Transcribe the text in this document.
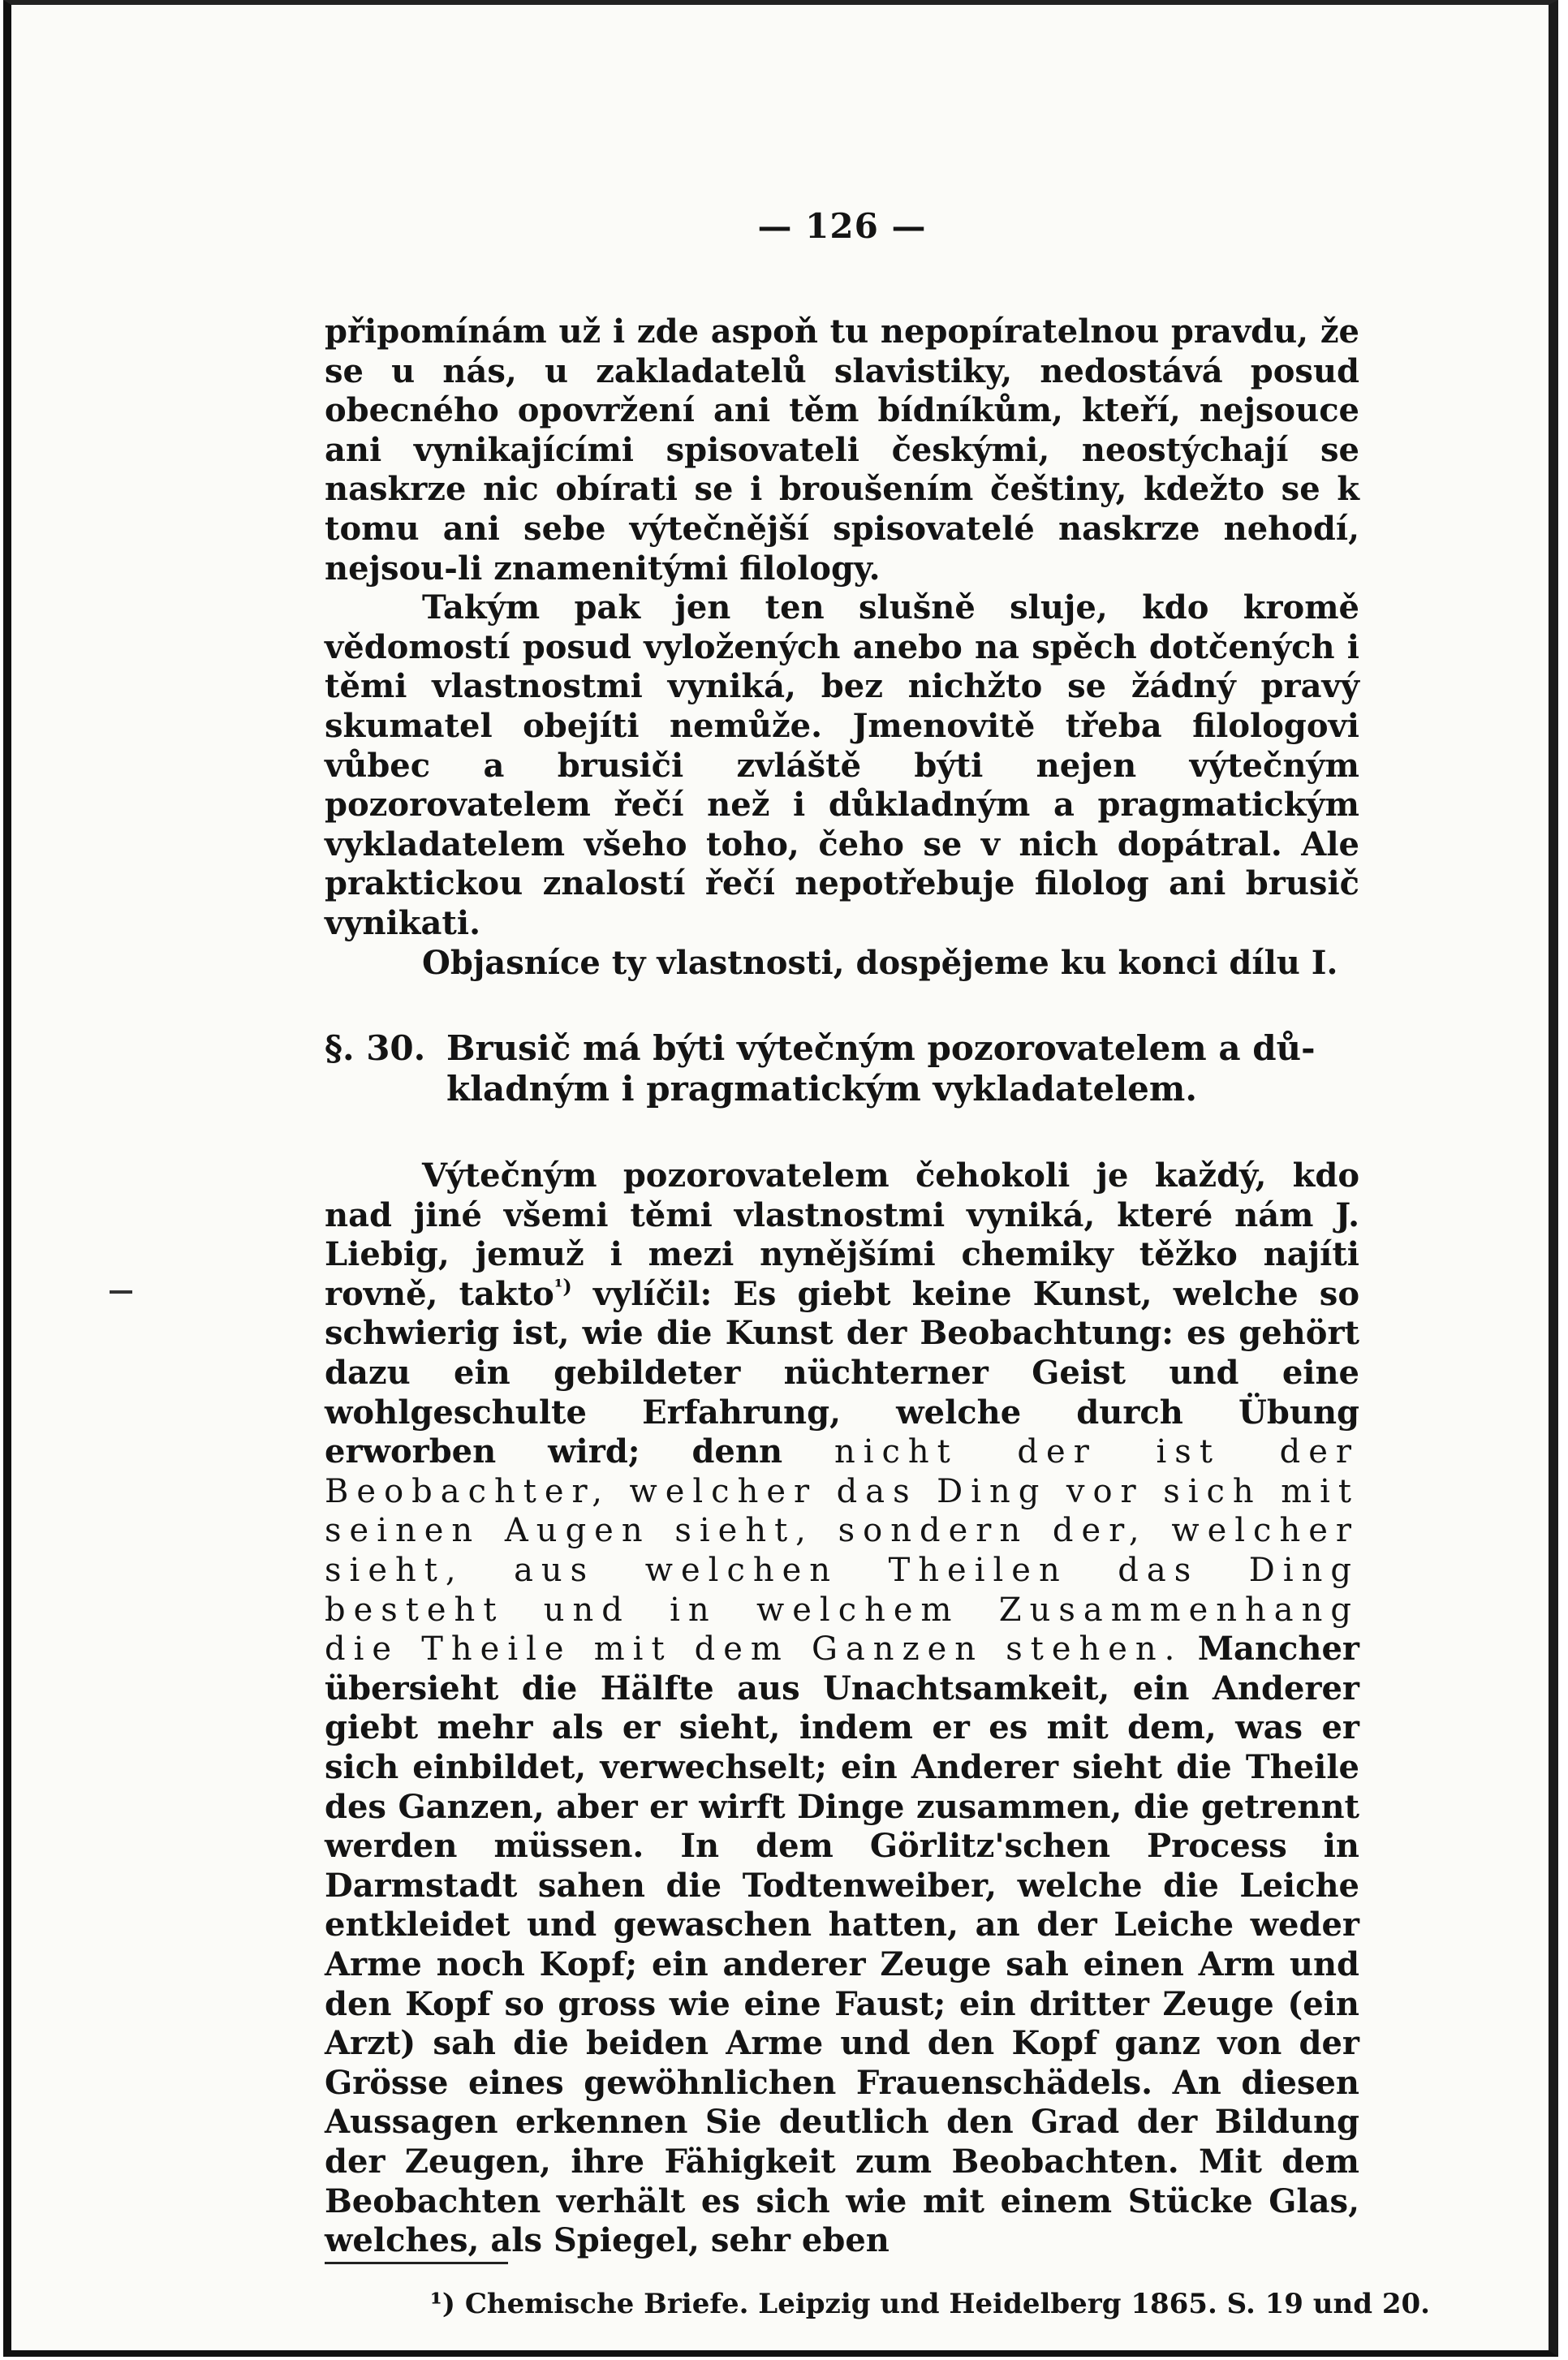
— 126 —

připomínám už i zde aspoň tu nepopíratelnou pravdu, že se u nás, u zakladatelů slavistiky, nedostává posud obecného opovržení ani těm bídníkům, kteří, nejsouce ani vynikajícími spisovateli českými, neostýchají se naskrze nic obírati se i broušením češtiny, kdežto se k tomu ani sebe výtečnější spisovatelé naskrze nehodí, nejsou-li znamenitými filology.

Takým pak jen ten slušně sluje, kdo kromě vědomostí posud vyložených anebo na spěch dotčených i těmi vlastnostmi vyniká, bez nichžto se žádný pravý skumatel obejíti nemůže. Jmenovitě třeba filologovi vůbec a brusiči zvláště býti nejen výtečným pozorovatelem řečí než i důkladným a pragmatickým vykladatelem všeho toho, čeho se v nich dopátral. Ale praktickou znalostí řečí nepotřebuje filolog ani brusič vynikati.

Objasníce ty vlastnosti, dospějeme ku konci dílu I.

§. 30. Brusič má býti výtečným pozorovatelem a dů-
kladným i pragmatickým vykladatelem.

Výtečným pozorovatelem čehokoli je každý, kdo nad jiné všemi těmi vlastnostmi vyniká, které nám J. Liebig, jemuž i mezi nynějšími chemiky těžko najíti rovně, takto$^{^1)}$ vylíčil: Es giebt keine Kunst, welche so schwierig ist, wie die Kunst der Beobachtung: es gehört dazu ein gebildeter nüchterner Geist und eine wohlgeschulte Erfahrung, welche durch Übung erworben wird; denn nicht der ist der Beobachter, welcher das Ding vor sich mit seinen Augen sieht, sondern der, welcher sieht, aus welchen Theilen das Ding besteht und in welchem Zusammenhang die Theile mit dem Ganzen stehen. Mancher übersieht die Hälfte aus Unachtsamkeit, ein Anderer giebt mehr als er sieht, indem er es mit dem, was er sich einbildet, verwechselt; ein Anderer sieht die Theile des Ganzen, aber er wirft Dinge zusammen, die getrennt werden müssen. In dem Görlitz'schen Process in Darmstadt sahen die Todtenweiber, welche die Leiche entkleidet und gewaschen hatten, an der Leiche weder Arme noch Kopf; ein anderer Zeuge sah einen Arm und den Kopf so gross wie eine Faust; ein dritter Zeuge (ein Arzt) sah die beiden Arme und den Kopf ganz von der Grösse eines gewöhnlichen Frauenschädels. An diesen Aussagen erkennen Sie deutlich den Grad der Bildung der Zeugen, ihre Fähigkeit zum Beobachten. Mit dem Beobachten verhält es sich wie mit einem Stücke Glas, welches, als Spiegel, sehr eben

¹) Chemische Briefe. Leipzig und Heidelberg 1865. S. 19 und 20.
